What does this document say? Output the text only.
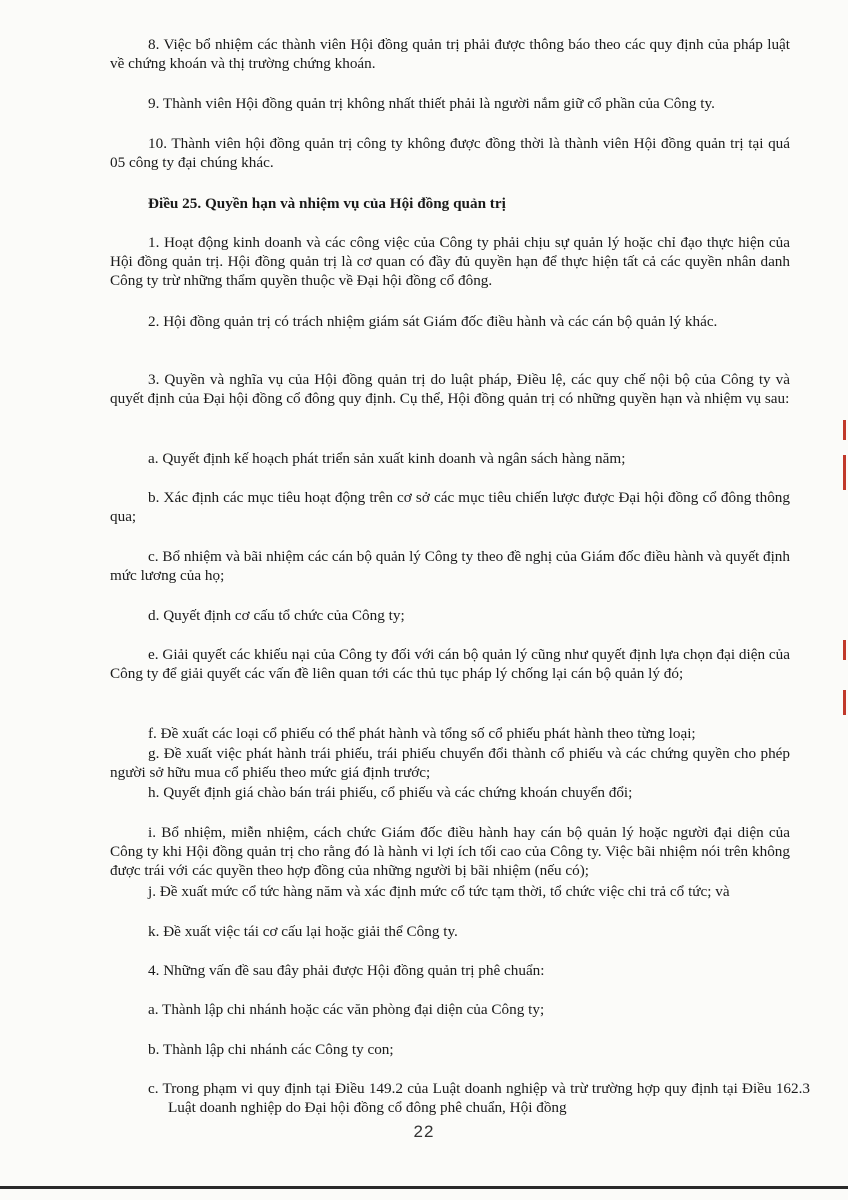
8. Việc bổ nhiệm các thành viên Hội đồng quản trị phải được thông báo theo các quy định của pháp luật về chứng khoán và thị trường chứng khoán.

9. Thành viên Hội đồng quản trị không nhất thiết phải là người nắm giữ cổ phần của Công ty.

10. Thành viên hội đồng quản trị công ty không được đồng thời là thành viên Hội đồng quản trị tại quá 05 công ty đại chúng khác.

Điều 25. Quyền hạn và nhiệm vụ của Hội đồng quản trị

1. Hoạt động kinh doanh và các công việc của Công ty phải chịu sự quản lý hoặc chỉ đạo thực hiện của Hội đồng quản trị. Hội đồng quản trị là cơ quan có đầy đủ quyền hạn để thực hiện tất cả các quyền nhân danh Công ty trừ những thẩm quyền thuộc về Đại hội đồng cổ đông.

2. Hội đồng quản trị có trách nhiệm giám sát Giám đốc điều hành và các cán bộ quản lý khác.

3. Quyền và nghĩa vụ của Hội đồng quản trị do luật pháp, Điều lệ, các quy chế nội bộ của Công ty và quyết định của Đại hội đồng cổ đông quy định. Cụ thể, Hội đồng quản trị có những quyền hạn và nhiệm vụ sau:

a. Quyết định kế hoạch phát triển sản xuất kinh doanh và ngân sách hàng năm;

b. Xác định các mục tiêu hoạt động trên cơ sở các mục tiêu chiến lược được Đại hội đồng cổ đông thông qua;

c. Bổ nhiệm và bãi nhiệm các cán bộ quản lý Công ty theo đề nghị của Giám đốc điều hành và quyết định mức lương của họ;

d. Quyết định cơ cấu tổ chức của Công ty;

e. Giải quyết các khiếu nại của Công ty đối với cán bộ quản lý cũng như quyết định lựa chọn đại diện của Công ty để giải quyết các vấn đề liên quan tới các thủ tục pháp lý chống lại cán bộ quản lý đó;

f. Đề xuất các loại cổ phiếu có thể phát hành và tổng số cổ phiếu phát hành theo từng loại;

g. Đề xuất việc phát hành trái phiếu, trái phiếu chuyển đổi thành cổ phiếu và các chứng quyền cho phép người sở hữu mua cổ phiếu theo mức giá định trước;

h. Quyết định giá chào bán trái phiếu, cổ phiếu và các chứng khoán chuyển đổi;

i. Bổ nhiệm, miễn nhiệm, cách chức Giám đốc điều hành hay cán bộ quản lý hoặc người đại diện của Công ty khi Hội đồng quản trị cho rằng đó là hành vi lợi ích tối cao của Công ty. Việc bãi nhiệm nói trên không được trái với các quyền theo hợp đồng của những người bị bãi nhiệm (nếu có);

j. Đề xuất mức cổ tức hàng năm và xác định mức cổ tức tạm thời, tổ chức việc chi trả cổ tức; và

k. Đề xuất việc tái cơ cấu lại hoặc giải thể Công ty.

4. Những vấn đề sau đây phải được Hội đồng quản trị phê chuẩn:

a. Thành lập chi nhánh hoặc các văn phòng đại diện của Công ty;

b. Thành lập chi nhánh các Công ty con;

c. Trong phạm vi quy định tại Điều 149.2 của Luật doanh nghiệp và trừ trường hợp quy định tại Điều 162.3 Luật doanh nghiệp do Đại hội đồng cổ đông phê chuẩn, Hội đồng

22
